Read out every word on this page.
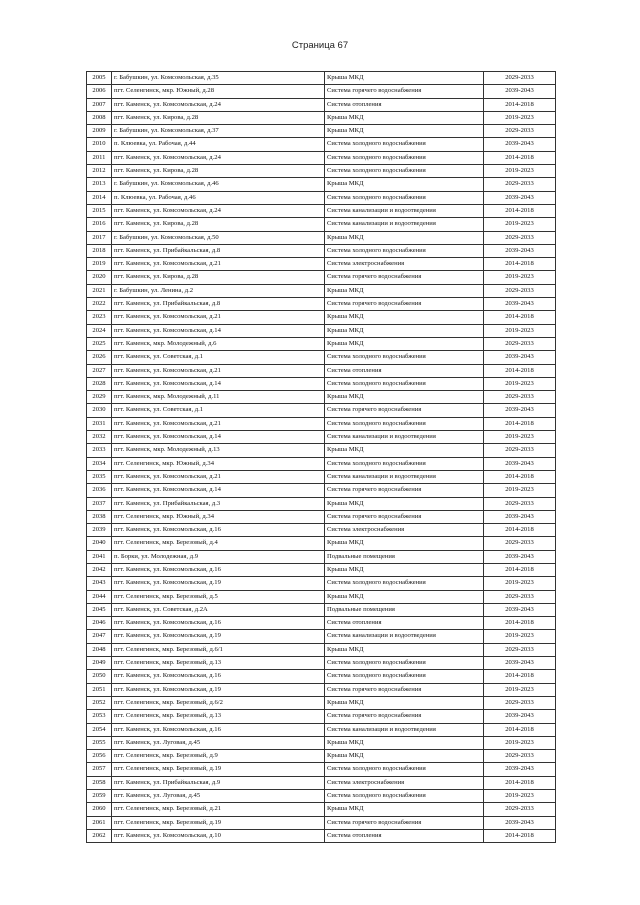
Страница 67
2005	г. Бабушкин, ул. Комсомольская, д.35	Крыша МКД	2029-2033
2006	пгт. Селенгинск, мкр. Южный, д.28	Система горячего водоснабжения	2039-2043
2007	пгт. Каменск, ул. Комсомольская, д.24	Система отопления	2014-2018
2008	пгт. Каменск, ул. Кирова, д.28	Крыша МКД	2019-2023
2009	г. Бабушкин, ул. Комсомольская, д.37	Крыша МКД	2029-2033
2010	п. Клюевка, ул. Рабочая, д.44	Система холодного водоснабжения	2039-2043
2011	пгт. Каменск, ул. Комсомольская, д.24	Система холодного водоснабжения	2014-2018
2012	пгт. Каменск, ул. Кирова, д.28	Система холодного водоснабжения	2019-2023
2013	г. Бабушкин, ул. Комсомольская, д.46	Крыша МКД	2029-2033
2014	п. Клюевка, ул. Рабочая, д.46	Система холодного водоснабжения	2039-2043
2015	пгт. Каменск, ул. Комсомольская, д.24	Система канализации и водоотведения	2014-2018
2016	пгт. Каменск, ул. Кирова, д.28	Система канализации и водоотведения	2019-2023
2017	г. Бабушкин, ул. Комсомольская, д.50	Крыша МКД	2029-2033
2018	пгт. Каменск, ул. Прибайкальская, д.8	Система холодного водоснабжения	2039-2043
2019	пгт. Каменск, ул. Комсомольская, д.21	Система электроснабжения	2014-2018
2020	пгт. Каменск, ул. Кирова, д.28	Система горячего водоснабжения	2019-2023
2021	г. Бабушкин, ул. Ленина, д.2	Крыша МКД	2029-2033
2022	пгт. Каменск, ул. Прибайкальская, д.8	Система горячего водоснабжения	2039-2043
2023	пгт. Каменск, ул. Комсомольская, д.21	Крыша МКД	2014-2018
2024	пгт. Каменск, ул. Комсомольская, д.14	Крыша МКД	2019-2023
2025	пгт. Каменск, мкр. Молодежный, д.6	Крыша МКД	2029-2033
2026	пгт. Каменск, ул. Советская, д.1	Система холодного водоснабжения	2039-2043
2027	пгт. Каменск, ул. Комсомольская, д.21	Система отопления	2014-2018
2028	пгт. Каменск, ул. Комсомольская, д.14	Система холодного водоснабжения	2019-2023
2029	пгт. Каменск, мкр. Молодежный, д.11	Крыша МКД	2029-2033
2030	пгт. Каменск, ул. Советская, д.1	Система горячего водоснабжения	2039-2043
2031	пгт. Каменск, ул. Комсомольская, д.21	Система холодного водоснабжения	2014-2018
2032	пгт. Каменск, ул. Комсомольская, д.14	Система канализации и водоотведения	2019-2023
2033	пгт. Каменск, мкр. Молодежный, д.13	Крыша МКД	2029-2033
2034	пгт. Селенгинск, мкр. Южный, д.34	Система холодного водоснабжения	2039-2043
2035	пгт. Каменск, ул. Комсомольская, д.21	Система канализации и водоотведения	2014-2018
2036	пгт. Каменск, ул. Комсомольская, д.14	Система горячего водоснабжения	2019-2023
2037	пгт. Каменск, ул. Прибайкальская, д.3	Крыша МКД	2029-2033
2038	пгт. Селенгинск, мкр. Южный, д.34	Система горячего водоснабжения	2039-2043
2039	пгт. Каменск, ул. Комсомольская, д.16	Система электроснабжения	2014-2018
2040	пгт. Селенгинск, мкр. Березовый, д.4	Крыша МКД	2029-2033
2041	п. Борки, ул. Молодежная, д.9	Подвальные помещения	2039-2043
2042	пгт. Каменск, ул. Комсомольская, д.16	Крыша МКД	2014-2018
2043	пгт. Каменск, ул. Комсомольская, д.19	Система холодного водоснабжения	2019-2023
2044	пгт. Селенгинск, мкр. Березовый, д.5	Крыша МКД	2029-2033
2045	пгт. Каменск, ул. Советская, д.2А	Подвальные помещения	2039-2043
2046	пгт. Каменск, ул. Комсомольская, д.16	Система отопления	2014-2018
2047	пгт. Каменск, ул. Комсомольская, д.19	Система канализации и водоотведения	2019-2023
2048	пгт. Селенгинск, мкр. Березовый, д.6/1	Крыша МКД	2029-2033
2049	пгт. Селенгинск, мкр. Березовый, д.13	Система холодного водоснабжения	2039-2043
2050	пгт. Каменск, ул. Комсомольская, д.16	Система холодного водоснабжения	2014-2018
2051	пгт. Каменск, ул. Комсомольская, д.19	Система горячего водоснабжения	2019-2023
2052	пгт. Селенгинск, мкр. Березовый, д.6/2	Крыша МКД	2029-2033
2053	пгт. Селенгинск, мкр. Березовый, д.13	Система горячего водоснабжения	2039-2043
2054	пгт. Каменск, ул. Комсомольская, д.16	Система канализации и водоотведения	2014-2018
2055	пгт. Каменск, ул. Луговая, д.45	Крыша МКД	2019-2023
2056	пгт. Селенгинск, мкр. Березовый, д.9	Крыша МКД	2029-2033
2057	пгт. Селенгинск, мкр. Березовый, д.19	Система холодного водоснабжения	2039-2043
2058	пгт. Каменск, ул. Прибайкальская, д.9	Система электроснабжения	2014-2018
2059	пгт. Каменск, ул. Луговая, д.45	Система холодного водоснабжения	2019-2023
2060	пгт. Селенгинск, мкр. Березовый, д.21	Крыша МКД	2029-2033
2061	пгт. Селенгинск, мкр. Березовый, д.19	Система горячего водоснабжения	2039-2043
2062	пгт. Каменск, ул. Комсомольская, д.10	Система отопления	2014-2018
